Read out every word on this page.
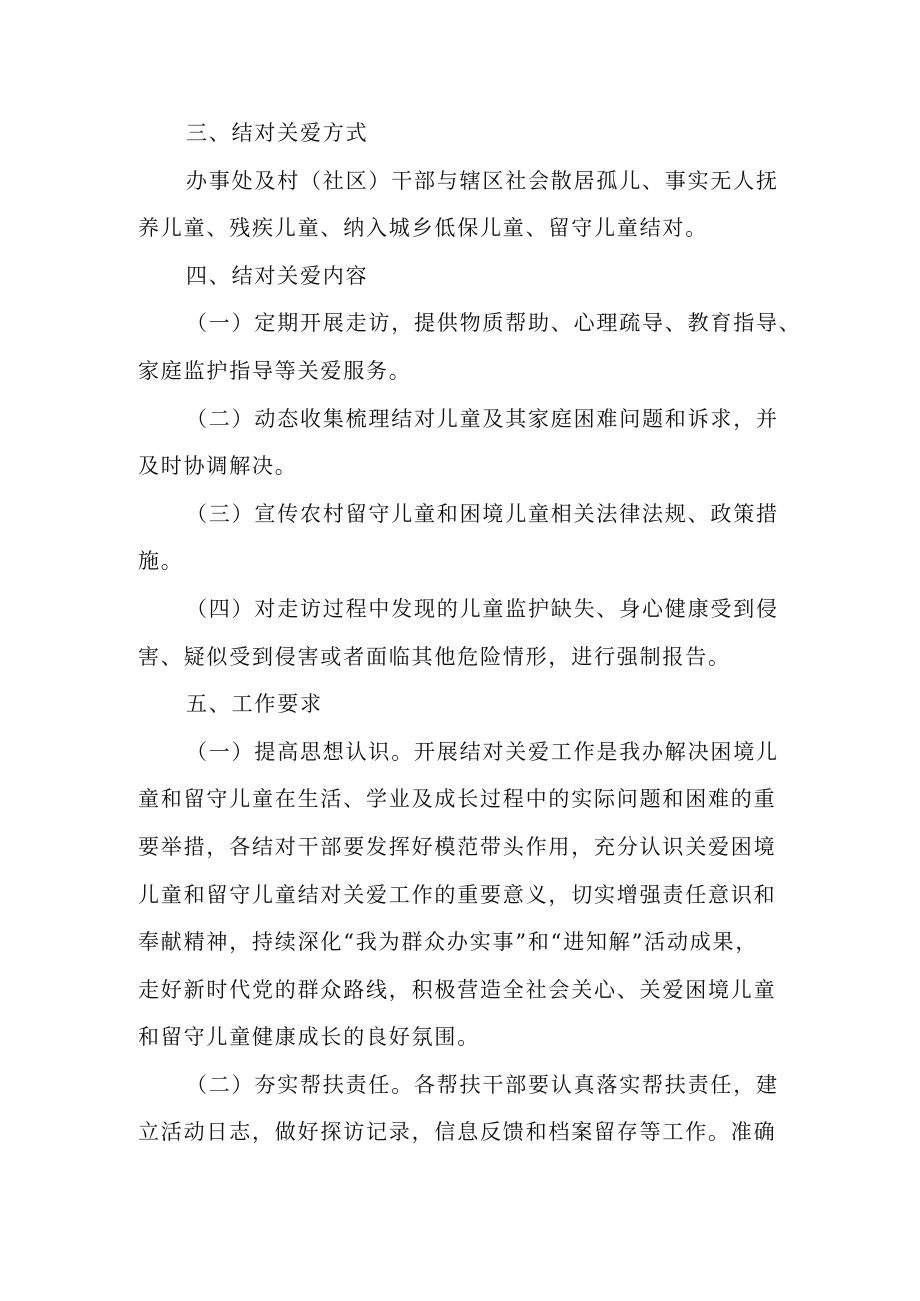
三、结对关爱方式
办事处及村（社区）干部与辖区社会散居孤儿、事实无人抚
养儿童、残疾儿童、纳入城乡低保儿童、留守儿童结对。
四、结对关爱内容
（一）定期开展走访，提供物质帮助、心理疏导、教育指导、
家庭监护指导等关爱服务。
（二）动态收集梳理结对儿童及其家庭困难问题和诉求，并
及时协调解决。
（三）宣传农村留守儿童和困境儿童相关法律法规、政策措
施。
（四）对走访过程中发现的儿童监护缺失、身心健康受到侵
害、疑似受到侵害或者面临其他危险情形，进行强制报告。
五、工作要求
（一）提高思想认识。开展结对关爱工作是我办解决困境儿
童和留守儿童在生活、学业及成长过程中的实际问题和困难的重
要举措，各结对干部要发挥好模范带头作用，充分认识关爱困境
儿童和留守儿童结对关爱工作的重要意义，切实增强责任意识和
奉献精神，持续深化“我为群众办实事”和“进知解”活动成果，
走好新时代党的群众路线，积极营造全社会关心、关爱困境儿童
和留守儿童健康成长的良好氛围。
（二）夯实帮扶责任。各帮扶干部要认真落实帮扶责任，建
立活动日志，做好探访记录，信息反馈和档案留存等工作。准确
